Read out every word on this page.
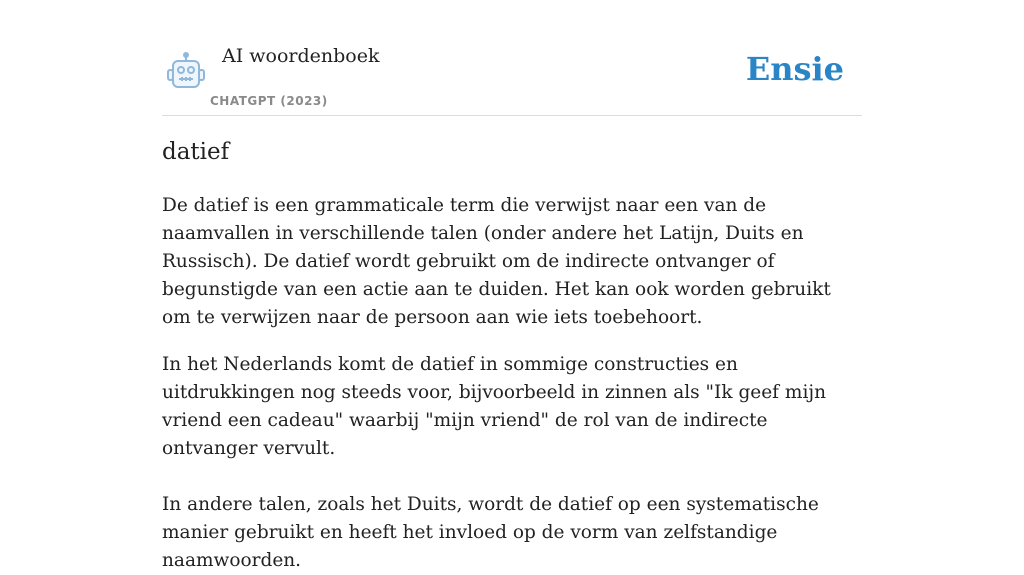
AI woordenboek
CHATGPT (2023)
Ensie
datief

De datief is een grammaticale term die verwijst naar een van de naamvallen in verschillende talen (onder andere het Latijn, Duits en Russisch). De datief wordt gebruikt om de indirecte ontvanger of begunstigde van een actie aan te duiden. Het kan ook worden gebruikt om te verwijzen naar de persoon aan wie iets toebehoort.

In het Nederlands komt de datief in sommige constructies en uitdrukkingen nog steeds voor, bijvoorbeeld in zinnen als "Ik geef mijn vriend een cadeau" waarbij "mijn vriend" de rol van de indirecte ontvanger vervult.

In andere talen, zoals het Duits, wordt de datief op een systematische manier gebruikt en heeft het invloed op de vorm van zelfstandige naamwoorden.
